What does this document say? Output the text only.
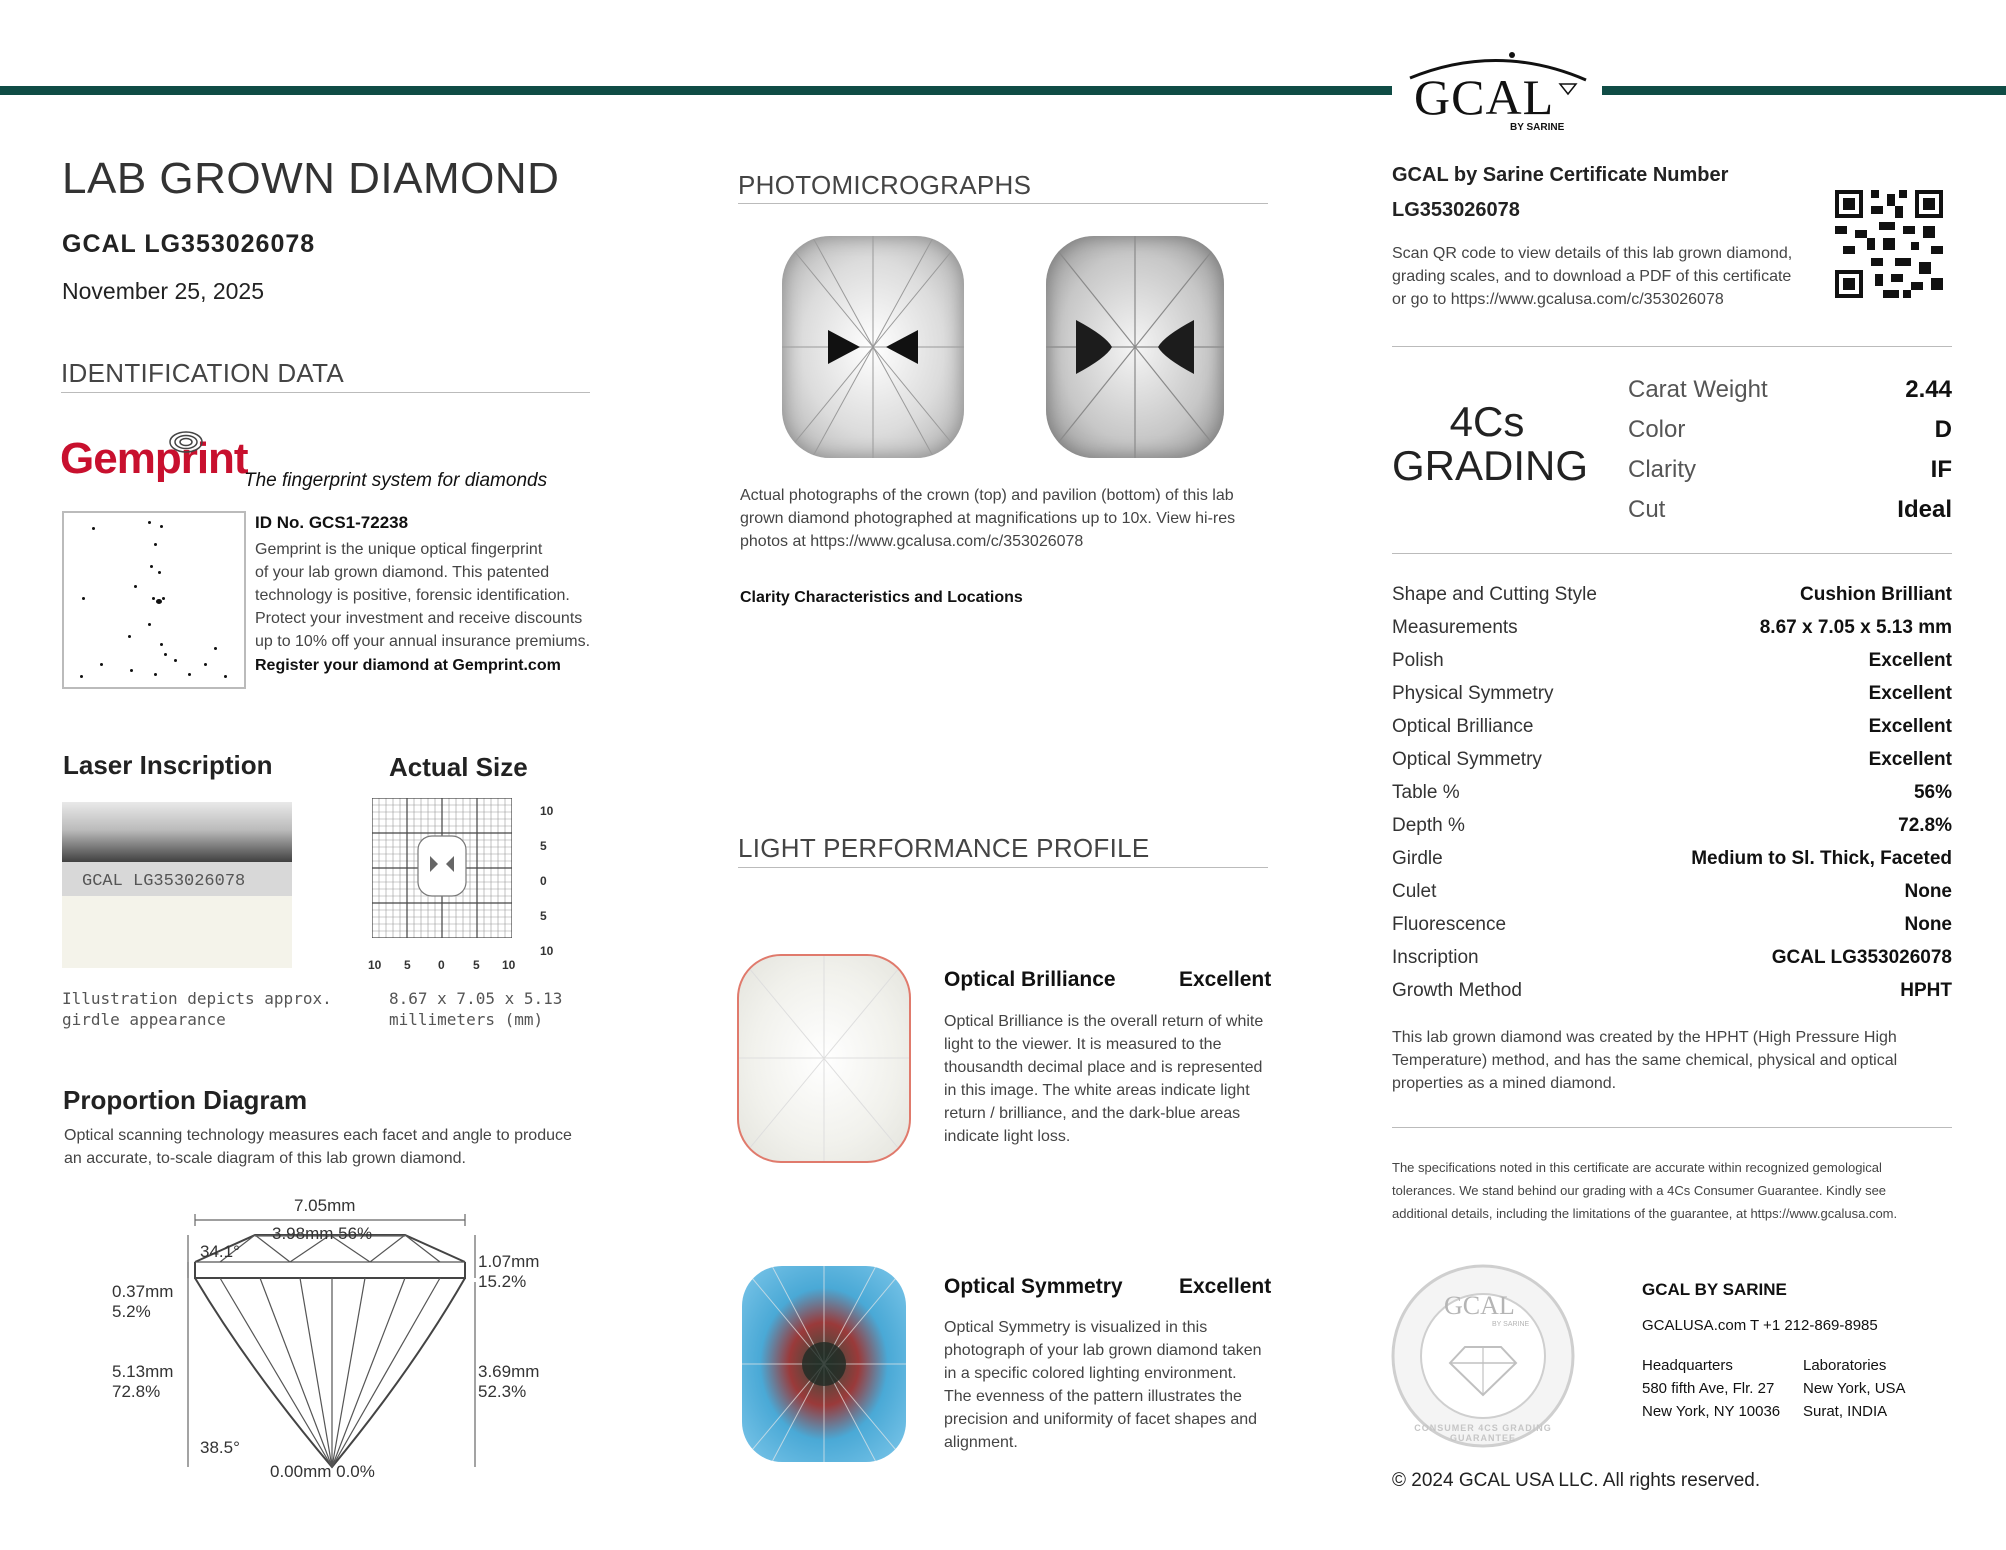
GCAL
BY SARINE
LAB GROWN DIAMOND
GCAL LG353026078
November 25, 2025
IDENTIFICATION DATA
Gemprint
The fingerprint system for diamonds
ID No. GCS1-72238
Gemprint is the unique optical fingerprint
of your lab grown diamond. This patented
technology is positive, forensic identification.
Protect your investment and receive discounts
up to 10% off your annual insurance premiums.
Register your diamond at Gemprint.com
Laser Inscription
GCAL LG353026078
Illustration depicts approx.
girdle appearance
Actual Size
10
5
0
5
10
10 5 0 5 10
8.67 x 7.05 x 5.13
millimeters (mm)
Proportion Diagram
Optical scanning technology measures each facet and angle to produce
an accurate, to-scale diagram of this lab grown diamond.
7.05mm
3.98mm 56%
34.1°
0.37mm
5.2%
5.13mm
72.8%
1.07mm
15.2%
3.69mm
52.3%
38.5°
0.00mm 0.0%
PHOTOMICROGRAPHS
Actual photographs of the crown (top) and pavilion (bottom) of this lab
grown diamond photographed at magnifications up to 10x. View hi-res
photos at https://www.gcalusa.com/c/353026078
Clarity Characteristics and Locations
LIGHT PERFORMANCE PROFILE
Optical Brilliance	Excellent
Optical Brilliance is the overall return of white
light to the viewer. It is measured to the
thousandth decimal place and is represented
in this image. The white areas indicate light
return / brilliance, and the dark-blue areas
indicate light loss.
Optical Symmetry	Excellent
Optical Symmetry is visualized in this
photograph of your lab grown diamond taken
in a specific colored lighting environment.
The evenness of the pattern illustrates the
precision and uniformity of facet shapes and
alignment.
GCAL by Sarine Certificate Number
LG353026078
Scan QR code to view details of this lab grown diamond,
grading scales, and to download a PDF of this certificate
or go to https://www.gcalusa.com/c/353026078
4Cs
GRADING
Carat Weight	2.44
Color	D
Clarity	IF
Cut	Ideal
Shape and Cutting Style	Cushion Brilliant
Measurements	8.67 x 7.05 x 5.13 mm
Polish	Excellent
Physical Symmetry	Excellent
Optical Brilliance	Excellent
Optical Symmetry	Excellent
Table %	56%
Depth %	72.8%
Girdle	Medium to Sl. Thick, Faceted
Culet	None
Fluorescence	None
Inscription	GCAL LG353026078
Growth Method	HPHT
This lab grown diamond was created by the HPHT (High Pressure High
Temperature) method, and has the same chemical, physical and optical
properties as a mined diamond.
The specifications noted in this certificate are accurate within recognized gemological
tolerances. We stand behind our grading with a 4Cs Consumer Guarantee. Kindly see
additional details, including the limitations of the guarantee, at https://www.gcalusa.com.
GCAL
BY SARINE
CONSUMER 4CS GRADING GUARANTEE
GCAL BY SARINE
GCALUSA.com T +1 212-869-8985
Headquarters
580 fifth Ave, Flr. 27
New York, NY 10036
Laboratories
New York, USA
Surat, INDIA
© 2024 GCAL USA LLC. All rights reserved.
